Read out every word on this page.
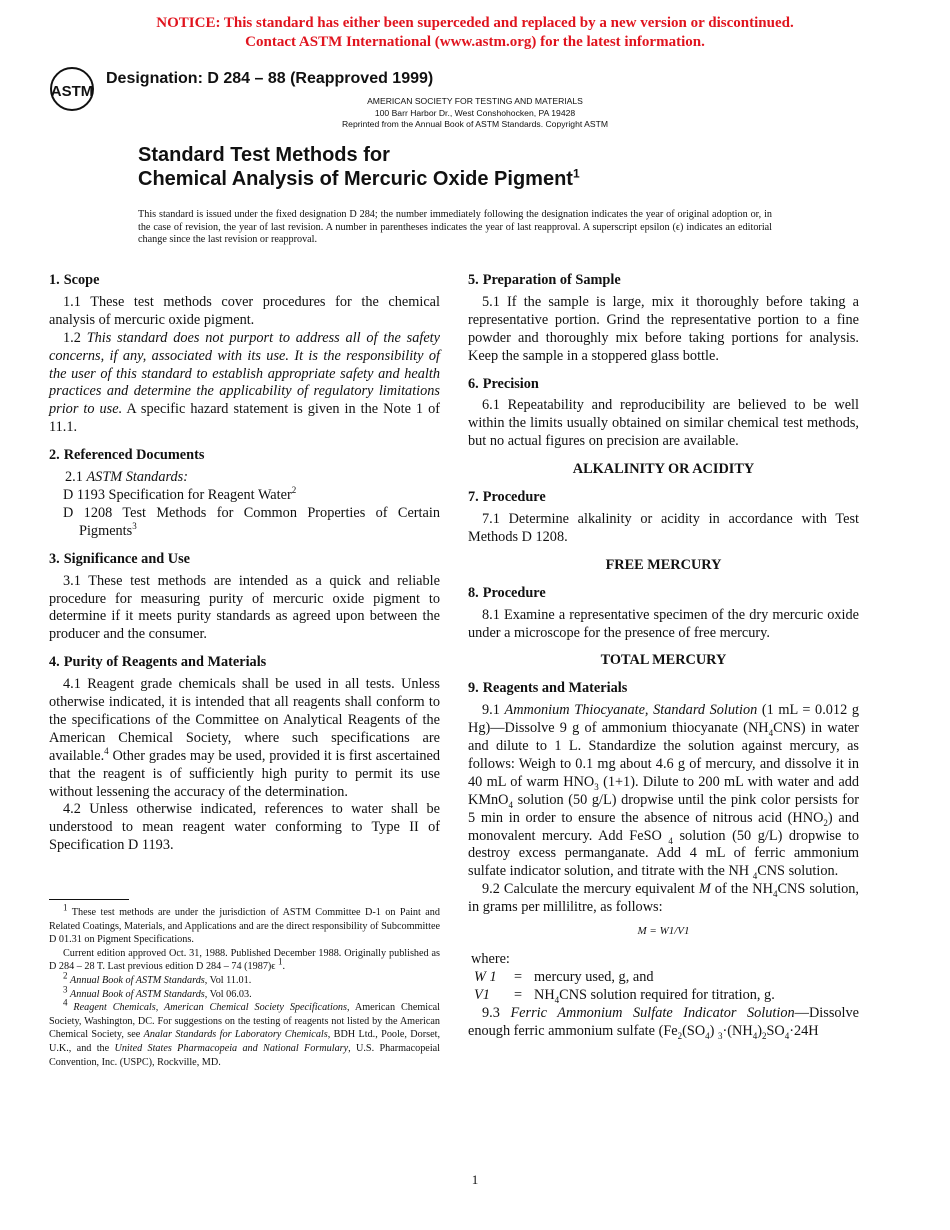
NOTICE: This standard has either been superceded and replaced by a new version or discontinued.
Contact ASTM International (www.astm.org) for the latest information.
ASTM
Designation: D 284 – 88 (Reapproved 1999)
AMERICAN SOCIETY FOR TESTING AND MATERIALS
100 Barr Harbor Dr., West Conshohocken, PA 19428
Reprinted from the Annual Book of ASTM Standards. Copyright ASTM
Standard Test Methods for
Chemical Analysis of Mercuric Oxide Pigment$^1$
This standard is issued under the fixed designation D 284; the number immediately following the designation indicates the year of original adoption or, in the case of revision, the year of last revision. A number in parentheses indicates the year of last reapproval. A superscript epsilon (ϵ) indicates an editorial change since the last revision or reapproval.
1. Scope

1.1 These test methods cover procedures for the chemical analysis of mercuric oxide pigment.

1.2 This standard does not purport to address all of the safety concerns, if any, associated with its use. It is the responsibility of the user of this standard to establish appropriate safety and health practices and determine the applicability of regulatory limitations prior to use. A specific hazard statement is given in the Note 1 of 11.1.

2. Referenced Documents

2.1 ASTM Standards:

D 1193 Specification for Reagent Water$^2$

D 1208 Test Methods for Common Properties of Certain Pigments$^3$

3. Significance and Use

3.1 These test methods are intended as a quick and reliable procedure for measuring purity of mercuric oxide pigment to determine if it meets purity standards as agreed upon between the producer and the consumer.

4. Purity of Reagents and Materials

4.1 Reagent grade chemicals shall be used in all tests. Unless otherwise indicated, it is intended that all reagents shall conform to the specifications of the Committee on Analytical Reagents of the American Chemical Society, where such specifications are available.$^4$ Other grades may be used, provided it is first ascertained that the reagent is of sufficiently high purity to permit its use without lessening the accuracy of the determination.

4.2 Unless otherwise indicated, references to water shall be understood to mean reagent water conforming to Type II of Specification D 1193.

$^1$ These test methods are under the jurisdiction of ASTM Committee D-1 on Paint and Related Coatings, Materials, and Applications and are the direct responsibility of Subcommittee D 01.31 on Pigment Specifications.

Current edition approved Oct. 31, 1988. Published December 1988. Originally published as D 284 – 28 T. Last previous edition D 284 – 74 (1987)ϵ $^1$.

$^2$ Annual Book of ASTM Standards, Vol 11.01.

$^3$ Annual Book of ASTM Standards, Vol 06.03.

$^4$ Reagent Chemicals, American Chemical Society Specifications, American Chemical Society, Washington, DC. For suggestions on the testing of reagents not listed by the American Chemical Society, see Analar Standards for Laboratory Chemicals, BDH Ltd., Poole, Dorset, U.K., and the United States Pharmacopeia and National Formulary, U.S. Pharmacopeial Convention, Inc. (USPC), Rockville, MD.

5. Preparation of Sample

5.1 If the sample is large, mix it thoroughly before taking a representative portion. Grind the representative portion to a fine powder and thoroughly mix before taking portions for analysis. Keep the sample in a stoppered glass bottle.

6. Precision

6.1 Repeatability and reproducibility are believed to be well within the limits usually obtained on similar chemical test methods, but no actual figures on precision are available.

ALKALINITY OR ACIDITY
7. Procedure

7.1 Determine alkalinity or acidity in accordance with Test Methods D 1208.

FREE MERCURY
8. Procedure

8.1 Examine a representative specimen of the dry mercuric oxide under a microscope for the presence of free mercury.

TOTAL MERCURY
9. Reagents and Materials

9.1 Ammonium Thiocyanate, Standard Solution (1 mL = 0.012 g Hg)—Dissolve 9 g of ammonium thiocyanate $(NH_4CNS)$ in water and dilute to 1 L. Standardize the solution against mercury, as follows: Weigh to 0.1 mg about 4.6 g of mercury, and dissolve it in 40 mL of warm $HNO_3$ (1+1). Dilute to 200 mL with water and add KMnO$_4$ solution (50 g/L) dropwise until the pink color persists for 5 min in order to ensure the absence of nitrous acid $(HNO_2)$ and monovalent mercury. Add FeSO $_4$ solution (50 g/L) dropwise to destroy excess permanganate. Add 4 mL of ferric ammonium sulfate indicator solution, and titrate with the NH $_4$CNS solution.

9.2 Calculate the mercury equivalent M of the $NH_4CNS$ solution, in grams per millilitre, as follows:

M = W1/V1

where:

W 1	= mercury used, g, and
V1	= $NH_4CNS$ solution required for titration, g.

9.3 Ferric Ammonium Sulfate Indicator Solution—Dissolve enough ferric ammonium sulfate ($Fe_2(SO_4)$ $_3\cdot(NH_4)_2SO_4\cdot 24H$

1
